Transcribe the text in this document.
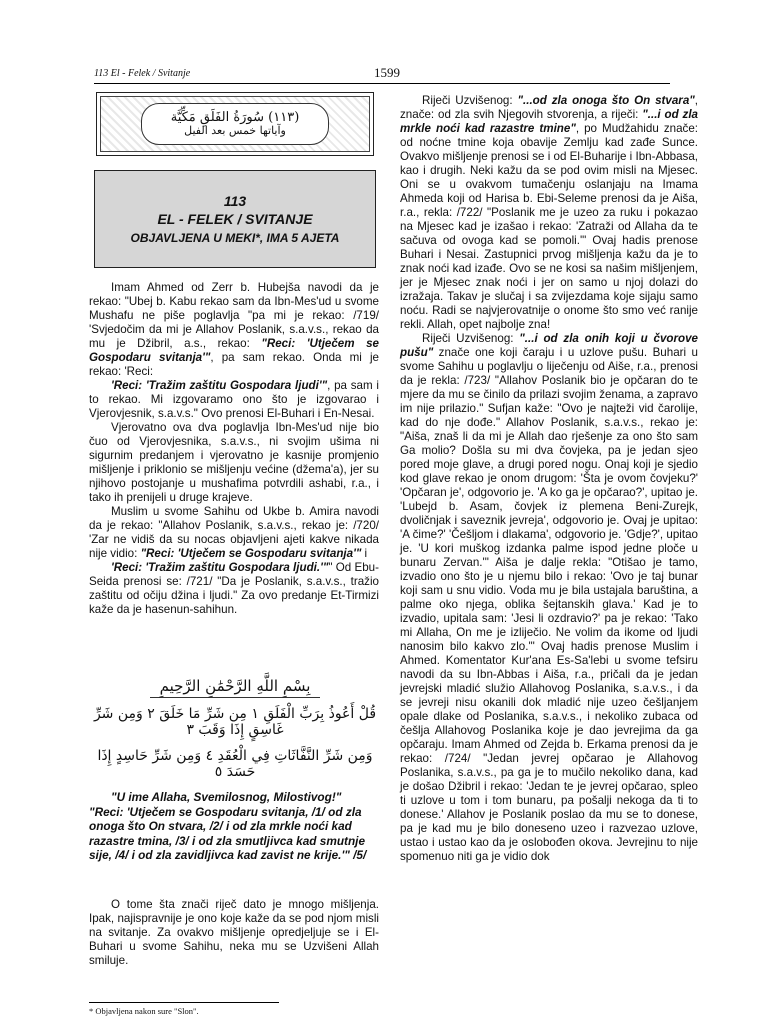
113 El - Felek / Svitanje	1599
(١١٣) سُورَةُ الفَلَقِ مَكِّيَّة
وآياتها خمس بعد الفيل
113
EL - FELEK / SVITANJE
OBJAVLJENA U MEKI*, IMA 5 AJETA

Imam Ahmed od Zerr b. Hubejša navodi da je rekao: "Ubej b. Kabu rekao sam da Ibn-Mes'ud u svome Mushafu ne piše poglavlja "pa mi je rekao: /719/ 'Svjedočim da mi je Allahov Poslanik, s.a.v.s., rekao da mu je Džibril, a.s., rekao: "Reci: 'Utječem se Gospodaru svitanja'", pa sam rekao. Onda mi je rekao: 'Reci:

'Reci: 'Tražim zaštitu Gospodara ljudi'", pa sam i to rekao. Mi izgovaramo ono što je izgovarao i Vjerovjesnik, s.a.v.s." Ovo prenosi El-Buhari i En-Nesai.

Vjerovatno ova dva poglavlja Ibn-Mes'ud nije bio čuo od Vjerovjesnika, s.a.v.s., ni svojim ušima ni sigurnim predanjem i vjerovatno je kasnije promjenio mišljenje i priklonio se mišljenju većine (džema'a), jer su njihovo postojanje u mushafima potvrdili ashabi, r.a., i tako ih prenijeli u druge krajeve.

Muslim u svome Sahihu od Ukbe b. Amira navodi da je rekao: "Allahov Poslanik, s.a.v.s., rekao je: /720/ 'Zar ne vidiš da su nocas objavljeni ajeti kakve nikada nije vidio: "Reci: 'Utječem se Gospodaru svitanja'" i

'Reci: 'Tražim zaštitu Gospodara ljudi.'"" Od Ebu-Seida prenosi se: /721/ "Da je Poslanik, s.a.v.s., tražio zaštitu od očiju džina i ljudi." Za ovo predanje Et-Tirmizi kaže da je hasenun-sahihun.

بِسْمِ اللَّهِ الرَّحْمَٰنِ الرَّحِيمِ
قُلْ أَعُوذُ بِرَبِّ الْفَلَقِ ١ مِن شَرِّ مَا خَلَقَ ٢ وَمِن شَرِّ غَاسِقٍ إِذَا وَقَبَ ٣
وَمِن شَرِّ النَّفَّاثَاتِ فِي الْعُقَدِ ٤ وَمِن شَرِّ حَاسِدٍ إِذَا حَسَدَ ٥

"U ime Allaha, Svemilosnog, Milostivog!" "Reci: 'Utječem se Gospodaru svitanja, /1/ od zla onoga što On stvara, /2/ i od zla mrkle noći kad razastre tmina, /3/ i od zla smutljivca kad smutnje sije, /4/ i od zla zavidljivca kad zavist ne krije.'" /5/

O tome šta znači riječ dato je mnogo mišljenja. Ipak, najispravnije je ono koje kaže da se pod njom misli na svitanje. Za ovakvo mišljenje opredjeljuje se i El-Buhari u svome Sahihu, neka mu se Uzvišeni Allah smiluje.

Riječi Uzvišenog: "...od zla onoga što On stvara", znače: od zla svih Njegovih stvorenja, a riječi: "...i od zla mrkle noći kad razastre tmine", po Mudžahidu znače: od noćne tmine koja obavije Zemlju kad zađe Sunce. Ovakvo mišljenje prenosi se i od El-Buharije i Ibn-Abbasa, kao i drugih. Neki kažu da se pod ovim misli na Mjesec. Oni se u ovakvom tumačenju oslanjaju na Imama Ahmeda koji od Harisa b. Ebi-Seleme prenosi da je Aiša, r.a., rekla: /722/ "Poslanik me je uzeo za ruku i pokazao na Mjesec kad je izašao i rekao: 'Zatraži od Allaha da te sačuva od ovoga kad se pomoli.'" Ovaj hadis prenose Buhari i Nesai. Zastupnici prvog mišljenja kažu da je to znak noći kad izađe. Ovo se ne kosi sa našim mišljenjem, jer je Mjesec znak noći i jer on samo u njoj dolazi do izražaja. Takav je slučaj i sa zvijezdama koje sijaju samo noću. Radi se najvjerovatnije o onome što smo već ranije rekli. Allah, opet najbolje zna!

Riječi Uzvišenog: "...i od zla onih koji u čvorove pušu" znače one koji čaraju i u uzlove pušu. Buhari u svome Sahihu u poglavlju o liječenju od Aiše, r.a., prenosi da je rekla: /723/ "Allahov Poslanik bio je opčaran do te mjere da mu se činilo da prilazi svojim ženama, a zapravo im nije prilazio." Sufjan kaže: "Ovo je najteži vid čarolije, kad do nje dođe." Allahov Poslanik, s.a.v.s., rekao je: "Aiša, znaš li da mi je Allah dao rješenje za ono što sam Ga molio? Došla su mi dva čovjeka, pa je jedan sjeo pored moje glave, a drugi pored nogu. Onaj koji je sjedio kod glave rekao je onom drugom: 'Šta je ovom čovjeku?' 'Opčaran je', odgovorio je. 'A ko ga je opčarao?', upitao je. 'Lubejd b. Asam, čovjek iz plemena Beni-Zurejk, dvoličnjak i saveznik jevreja', odgovorio je. Ovaj je upitao: 'A čime?' 'Češljom i dlakama', odgovorio je. 'Gdje?', upitao je. 'U kori muškog izdanka palme ispod jedne ploče u bunaru Zervan.'" Aiša je dalje rekla: "Otišao je tamo, izvadio ono što je u njemu bilo i rekao: 'Ovo je taj bunar koji sam u snu vidio. Voda mu je bila ustajala baruština, a palme oko njega, oblika šejtanskih glava.' Kad je to izvadio, upitala sam: 'Jesi li ozdravio?' pa je rekao: 'Tako mi Allaha, On me je izliječio. Ne volim da ikome od ljudi nanosim bilo kakvo zlo.'" Ovaj hadis prenose Muslim i Ahmed. Komentator Kur'ana Es-Sa'lebi u svome tefsiru navodi da su Ibn-Abbas i Aiša, r.a., pričali da je jedan jevrejski mladić služio Allahovog Poslanika, s.a.v.s., i da se jevreji nisu okanili dok mladić nije uzeo češljanjem opale dlake od Poslanika, s.a.v.s., i nekoliko zubaca od češlja Allahovog Poslanika koje je dao jevrejima da ga opčaraju. Imam Ahmed od Zejda b. Erkama prenosi da je rekao: /724/ "Jedan jevrej opčarao je Allahovog Poslanika, s.a.v.s., pa ga je to mučilo nekoliko dana, kad je došao Džibril i rekao: 'Jedan te je jevrej opčarao, spleo ti uzlove u tom i tom bunaru, pa pošalji nekoga da ti to donese.' Allahov je Poslanik poslao da mu se to donese, pa je kad mu je bilo doneseno uzeo i razvezao uzlove, ustao i ustao kao da je oslobođen okova. Jevrejinu to nije spomenuo niti ga je vidio dok

* Objavljena nakon sure "Slon".
